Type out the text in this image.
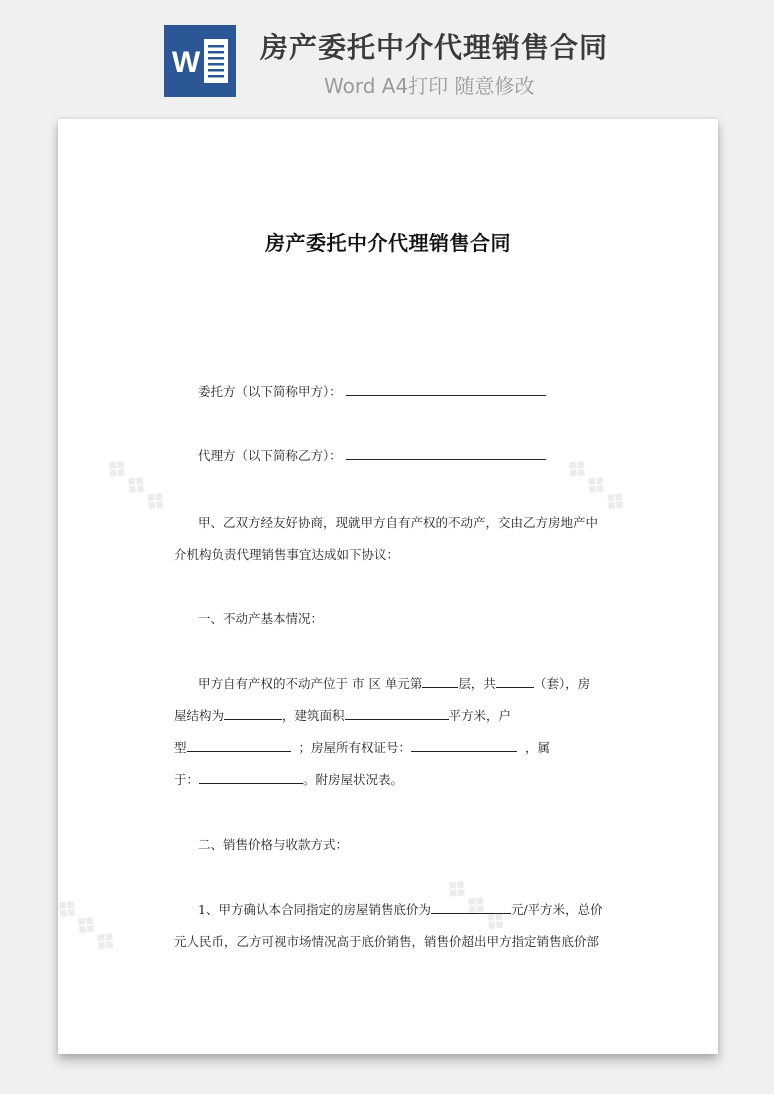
W 房产委托中介代理销售合同
Word A4打印 随意修改
❖❖❖	❖❖❖
❖❖❖
❖❖❖
房产委托中介代理销售合同
委托方（以下简称甲方）：
代理方（以下简称乙方）：
甲、乙双方经友好协商，现就甲方自有产权的不动产，交由乙方房地产中
介机构负责代理销售事宜达成如下协议：
一、不动产基本情况：
甲方自有产权的不动产位于 市 区 单元第	层，共	（套），房
屋结构为	，建筑面积	平方米，户
型	；房屋所有权证号：	，属
于：	。附房屋状况表。
二、销售价格与收款方式：
1、甲方确认本合同指定的房屋销售底价为	元/平方米，总价
元人民币，乙方可视市场情况高于底价销售，销售价超出甲方指定销售底价部
